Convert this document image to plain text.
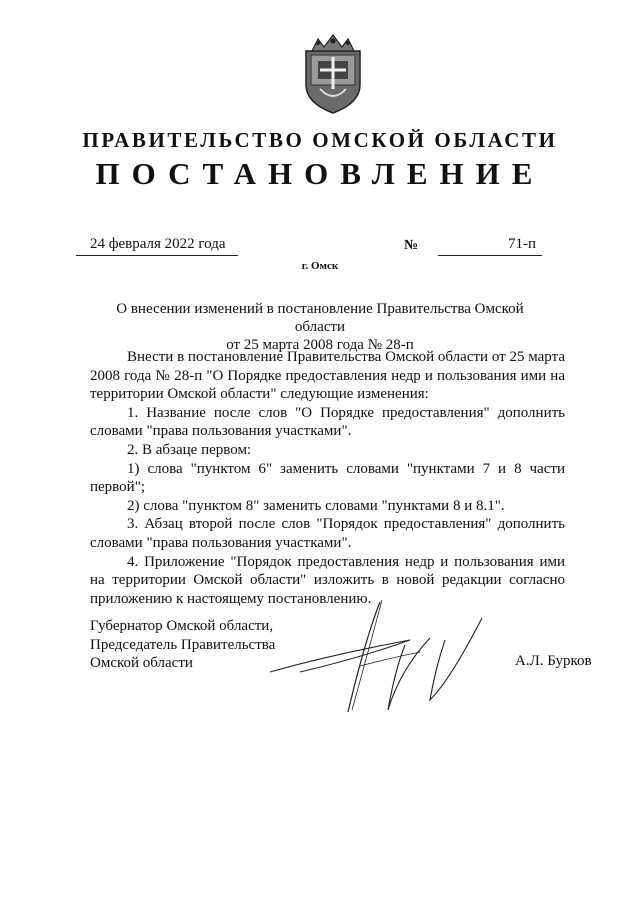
ПРАВИТЕЛЬСТВО ОМСКОЙ ОБЛАСТИ
ПОСТАНОВЛЕНИЕ
24 февраля 2022 года	№	71-п
г. Омск
О внесении изменений в постановление Правительства Омской области
от 25 марта 2008 года № 28-п

Внести в постановление Правительства Омской области от 25 марта 2008 года № 28-п "О Порядке предоставления недр и пользования ими на территории Омской области" следующие изменения:

1. Название после слов "О Порядке предоставления" дополнить словами "права пользования участками".

2. В абзаце первом:

1) слова "пунктом 6" заменить словами "пунктами 7 и 8 части первой";

2) слова "пунктом 8" заменить словами "пунктами 8 и 8.1".

3. Абзац второй после слов "Порядок предоставления" дополнить словами "права пользования участками".

4. Приложение "Порядок предоставления недр и пользования ими на территории Омской области" изложить в новой редакции согласно приложению к настоящему постановлению.

Губернатор Омской области,
Председатель Правительства
Омской области	А.Л. Бурков
